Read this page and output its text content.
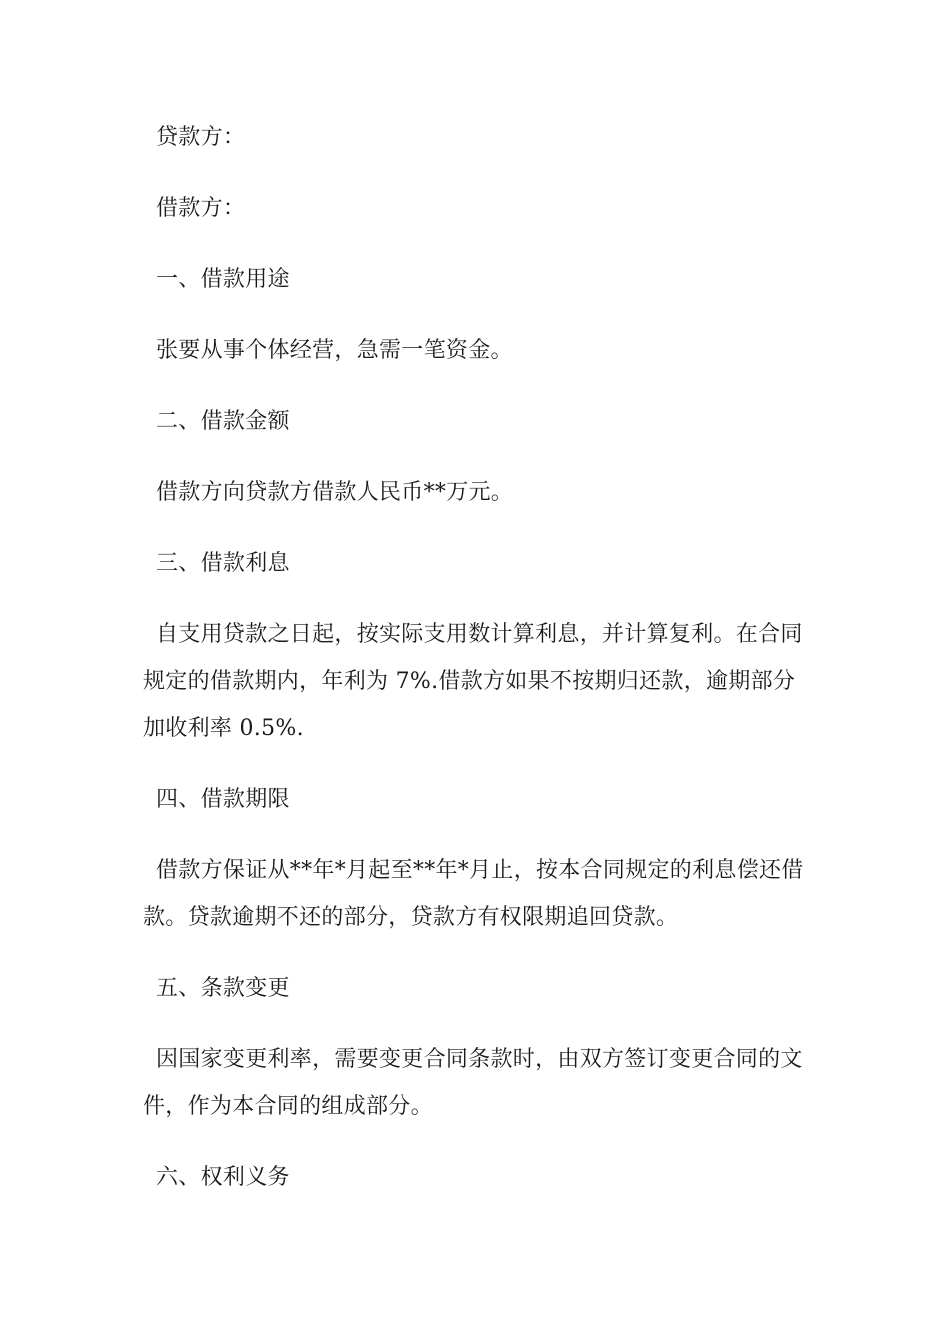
贷款方：

借款方：

一、借款用途

张要从事个体经营，急需一笔资金。

二、借款金额

借款方向贷款方借款人民币**万元。

三、借款利息

自支用贷款之日起，按实际支用数计算利息，并计算复利。在合同规定的借款期内，年利为 7%.借款方如果不按期归还款，逾期部分加收利率 0.5%.

四、借款期限

借款方保证从**年*月起至**年*月止，按本合同规定的利息偿还借款。贷款逾期不还的部分，贷款方有权限期追回贷款。

五、条款变更

因国家变更利率，需要变更合同条款时，由双方签订变更合同的文件，作为本合同的组成部分。

六、权利义务
